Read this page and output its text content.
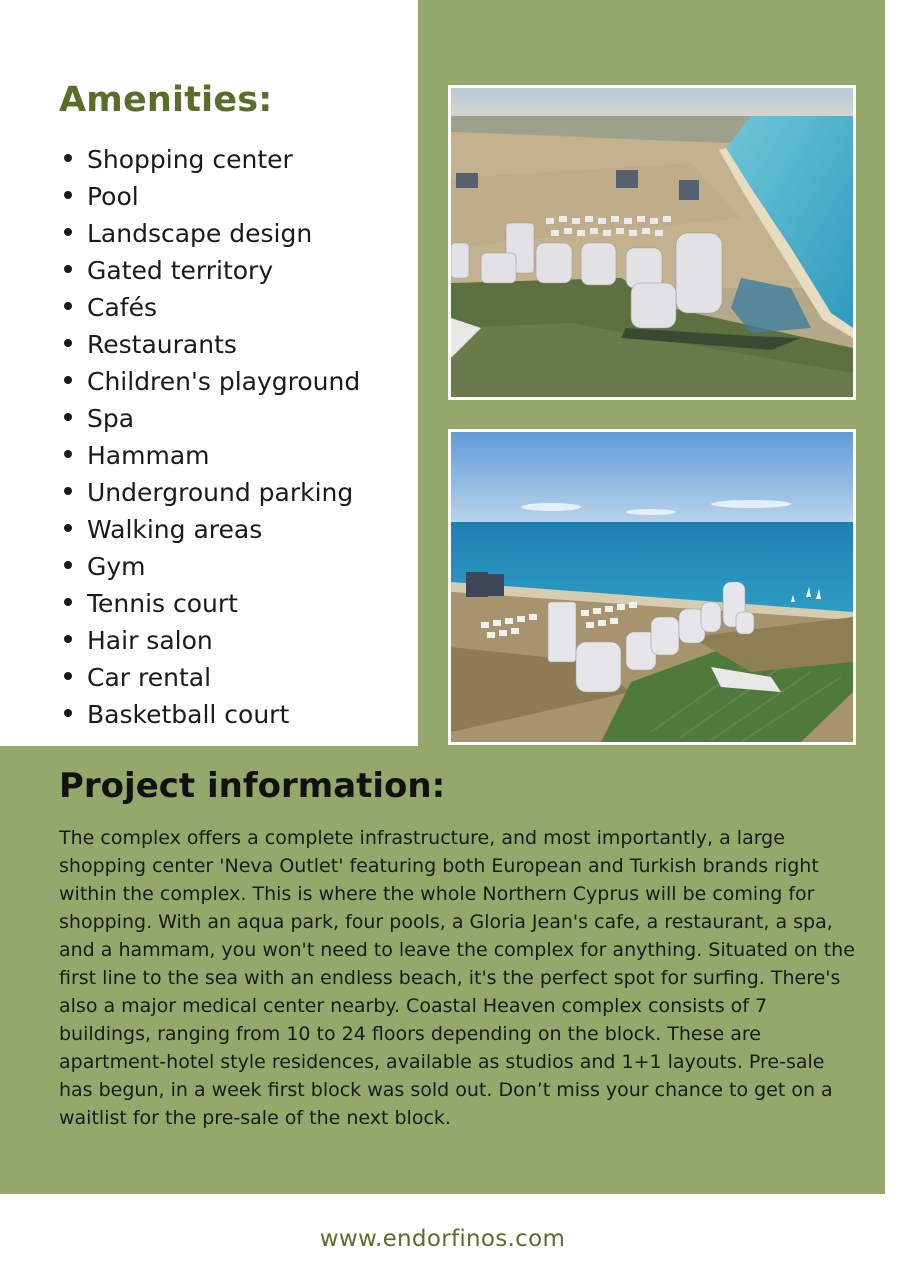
Amenities:
Shopping center
Pool
Landscape design
Gated territory
Cafés
Restaurants
Children's playground
Spa
Hammam
Underground parking
Walking areas
Gym
Tennis court
Hair salon
Car rental
Basketball court
Project information:

The complex offers a complete infrastructure, and most importantly, a large shopping center 'Neva Outlet' featuring both European and Turkish brands right within the complex. This is where the whole Northern Cyprus will be coming for shopping. With an aqua park, four pools, a Gloria Jean's cafe, a restaurant, a spa, and a hammam, you won't need to leave the complex for anything. Situated on the first line to the sea with an endless beach, it's the perfect spot for surfing. There's also a major medical center nearby. Coastal Heaven complex consists of 7 buildings, ranging from 10 to 24 floors depending on the block. These are apartment-hotel style residences, available as studios and 1+1 layouts. Pre-sale has begun, in a week first block was sold out. Don’t miss your chance to get on a waitlist for the pre-sale of the next block.

www.endorfinos.com
